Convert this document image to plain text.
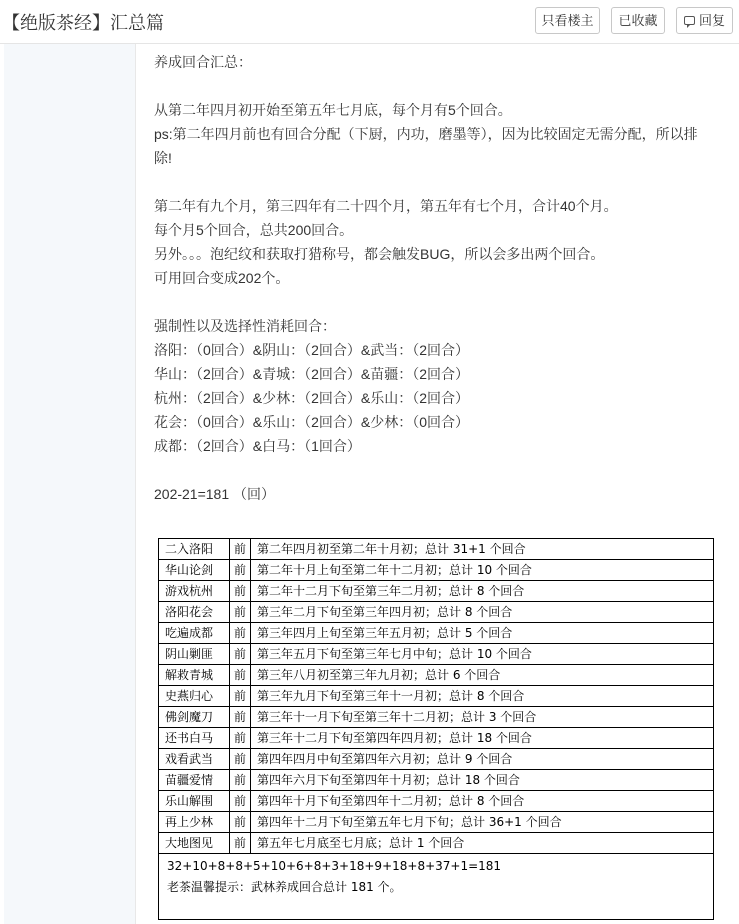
【绝版茶经】汇总篇	只看楼主	已收藏	回复

养成回合汇总：

从第二年四月初开始至第五年七月底，每个月有5个回合。

ps:第二年四月前也有回合分配（下厨，内功，磨墨等），因为比较固定无需分配，所以排

除!

第二年有九个月，第三四年有二十四个月，第五年有七个月，合计40个月。

每个月5个回合，总共200回合。

另外。。。泡纪纹和获取打猎称号，都会触发BUG，所以会多出两个回合。

可用回合变成202个。

强制性以及选择性消耗回合：

洛阳：（0回合）&阴山：（2回合）&武当：（2回合）

华山：（2回合）&青城：（2回合）&苗疆：（2回合）

杭州：（2回合）&少林：（2回合）&乐山：（2回合）

花会：（0回合）&乐山：（2回合）&少林：（0回合）

成都：（2回合）&白马：（1回合）

202-21=181 （回）

二入洛阳	前	第二年四月初至第二年十月初；总计 31+1 个回合
华山论剑	前	第二年十月上旬至第二年十二月初；总计 10 个回合
游戏杭州	前	第二年十二月下旬至第三年二月初；总计 8 个回合
洛阳花会	前	第三年二月下旬至第三年四月初；总计 8 个回合
吃遍成都	前	第三年四月上旬至第三年五月初；总计 5 个回合
阴山剿匪	前	第三年五月下旬至第三年七月中旬；总计 10 个回合
解救青城	前	第三年八月初至第三年九月初；总计 6 个回合
史燕归心	前	第三年九月下旬至第三年十一月初；总计 8 个回合
佛剑魔刀	前	第三年十一月下旬至第三年十二月初；总计 3 个回合
还书白马	前	第三年十二月下旬至第四年四月初；总计 18 个回合
戏看武当	前	第四年四月中旬至第四年六月初；总计 9 个回合
苗疆爱情	前	第四年六月下旬至第四年十月初；总计 18 个回合
乐山解围	前	第四年十月下旬至第四年十二月初；总计 8 个回合
再上少林	前	第四年十二月下旬至第五年七月下旬；总计 36+1 个回合
大地图见	前	第五年七月底至七月底；总计 1 个回合
32+10+8+8+5+10+6+8+3+18+9+18+8+37+1=181
老茶温馨提示：武林养成回合总计 181 个。
